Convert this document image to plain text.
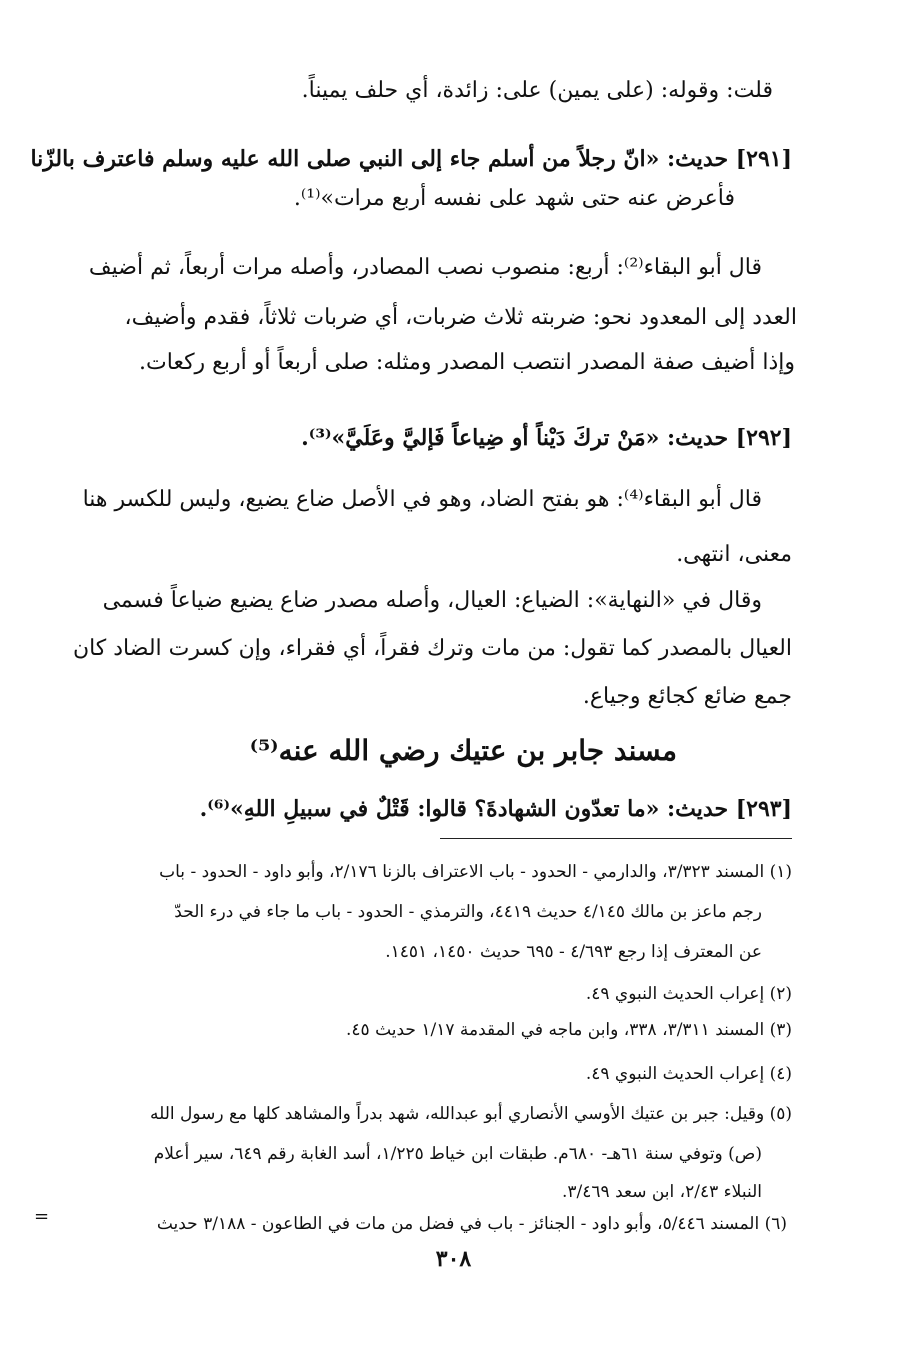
قلت: وقوله: (على يمين) على: زائدة، أي حلف يميناً.
[٢٩١] حديث: «انّ رجلاً من أسلم جاء إلى النبي صلى الله عليه وسلم فاعترف بالزّنا
فأعرض عنه حتى شهد على نفسه أربع مرات»⁽¹⁾.
قال أبو البقاء⁽²⁾: أربع: منصوب نصب المصادر، وأصله مرات أربعاً، ثم أضيف
العدد إلى المعدود نحو: ضربته ثلاث ضربات، أي ضربات ثلاثاً، فقدم وأضيف،
وإذا أضيف صفة المصدر انتصب المصدر ومثله: صلى أربعاً أو أربع ركعات.
[٢٩٢] حديث: «مَنْ تركَ دَيْناً أو ضِياعاً فَإليَّ وعَلَيَّ»⁽³⁾.
قال أبو البقاء⁽⁴⁾: هو بفتح الضاد، وهو في الأصل ضاع يضيع، وليس للكسر هنا
معنى، انتهى.
وقال في «النهاية»: الضياع: العيال، وأصله مصدر ضاع يضيع ضياعاً فسمى
العيال بالمصدر كما تقول: من مات وترك فقراً، أي فقراء، وإن كسرت الضاد كان
جمع ضائع كجائع وجياع.
مسند جابر بن عتيك رضي الله عنه⁽⁵⁾
[٢٩٣] حديث: «ما تعدّون الشهادةَ؟ قالوا: قَتْلٌ في سبيلِ اللهِ»⁽⁶⁾.
(١) المسند ٣/٣٢٣، والدارمي - الحدود - باب الاعتراف بالزنا ٢/١٧٦، وأبو داود - الحدود - باب
رجم ماعز بن مالك ٤/١٤٥ حديث ٤٤١٩، والترمذي - الحدود - باب ما جاء في درء الحدّ
عن المعترف إذا رجع ٤/٦٩٣ - ٦٩٥ حديث ١٤٥٠، ١٤٥١.
(٢) إعراب الحديث النبوي ٤٩.
(٣) المسند ٣/٣١١، ٣٣٨، وابن ماجه في المقدمة ١/١٧ حديث ٤٥.
(٤) إعراب الحديث النبوي ٤٩.
(٥) وقيل: جبر بن عتيك الأوسي الأنصاري أبو عبدالله، شهد بدراً والمشاهد كلها مع رسول الله
(ص) وتوفي سنة ٦١هـ- ٦٨٠م. طبقات ابن خياط ١/٢٢٥، أسد الغابة رقم ٦٤٩، سير أعلام
النبلاء ٢/٤٣، ابن سعد ٣/٤٦٩.
(٦) المسند ٥/٤٤٦، وأبو داود - الجنائز - باب في فضل من مات في الطاعون - ٣/١٨٨ حديث
=
٣٠٨
